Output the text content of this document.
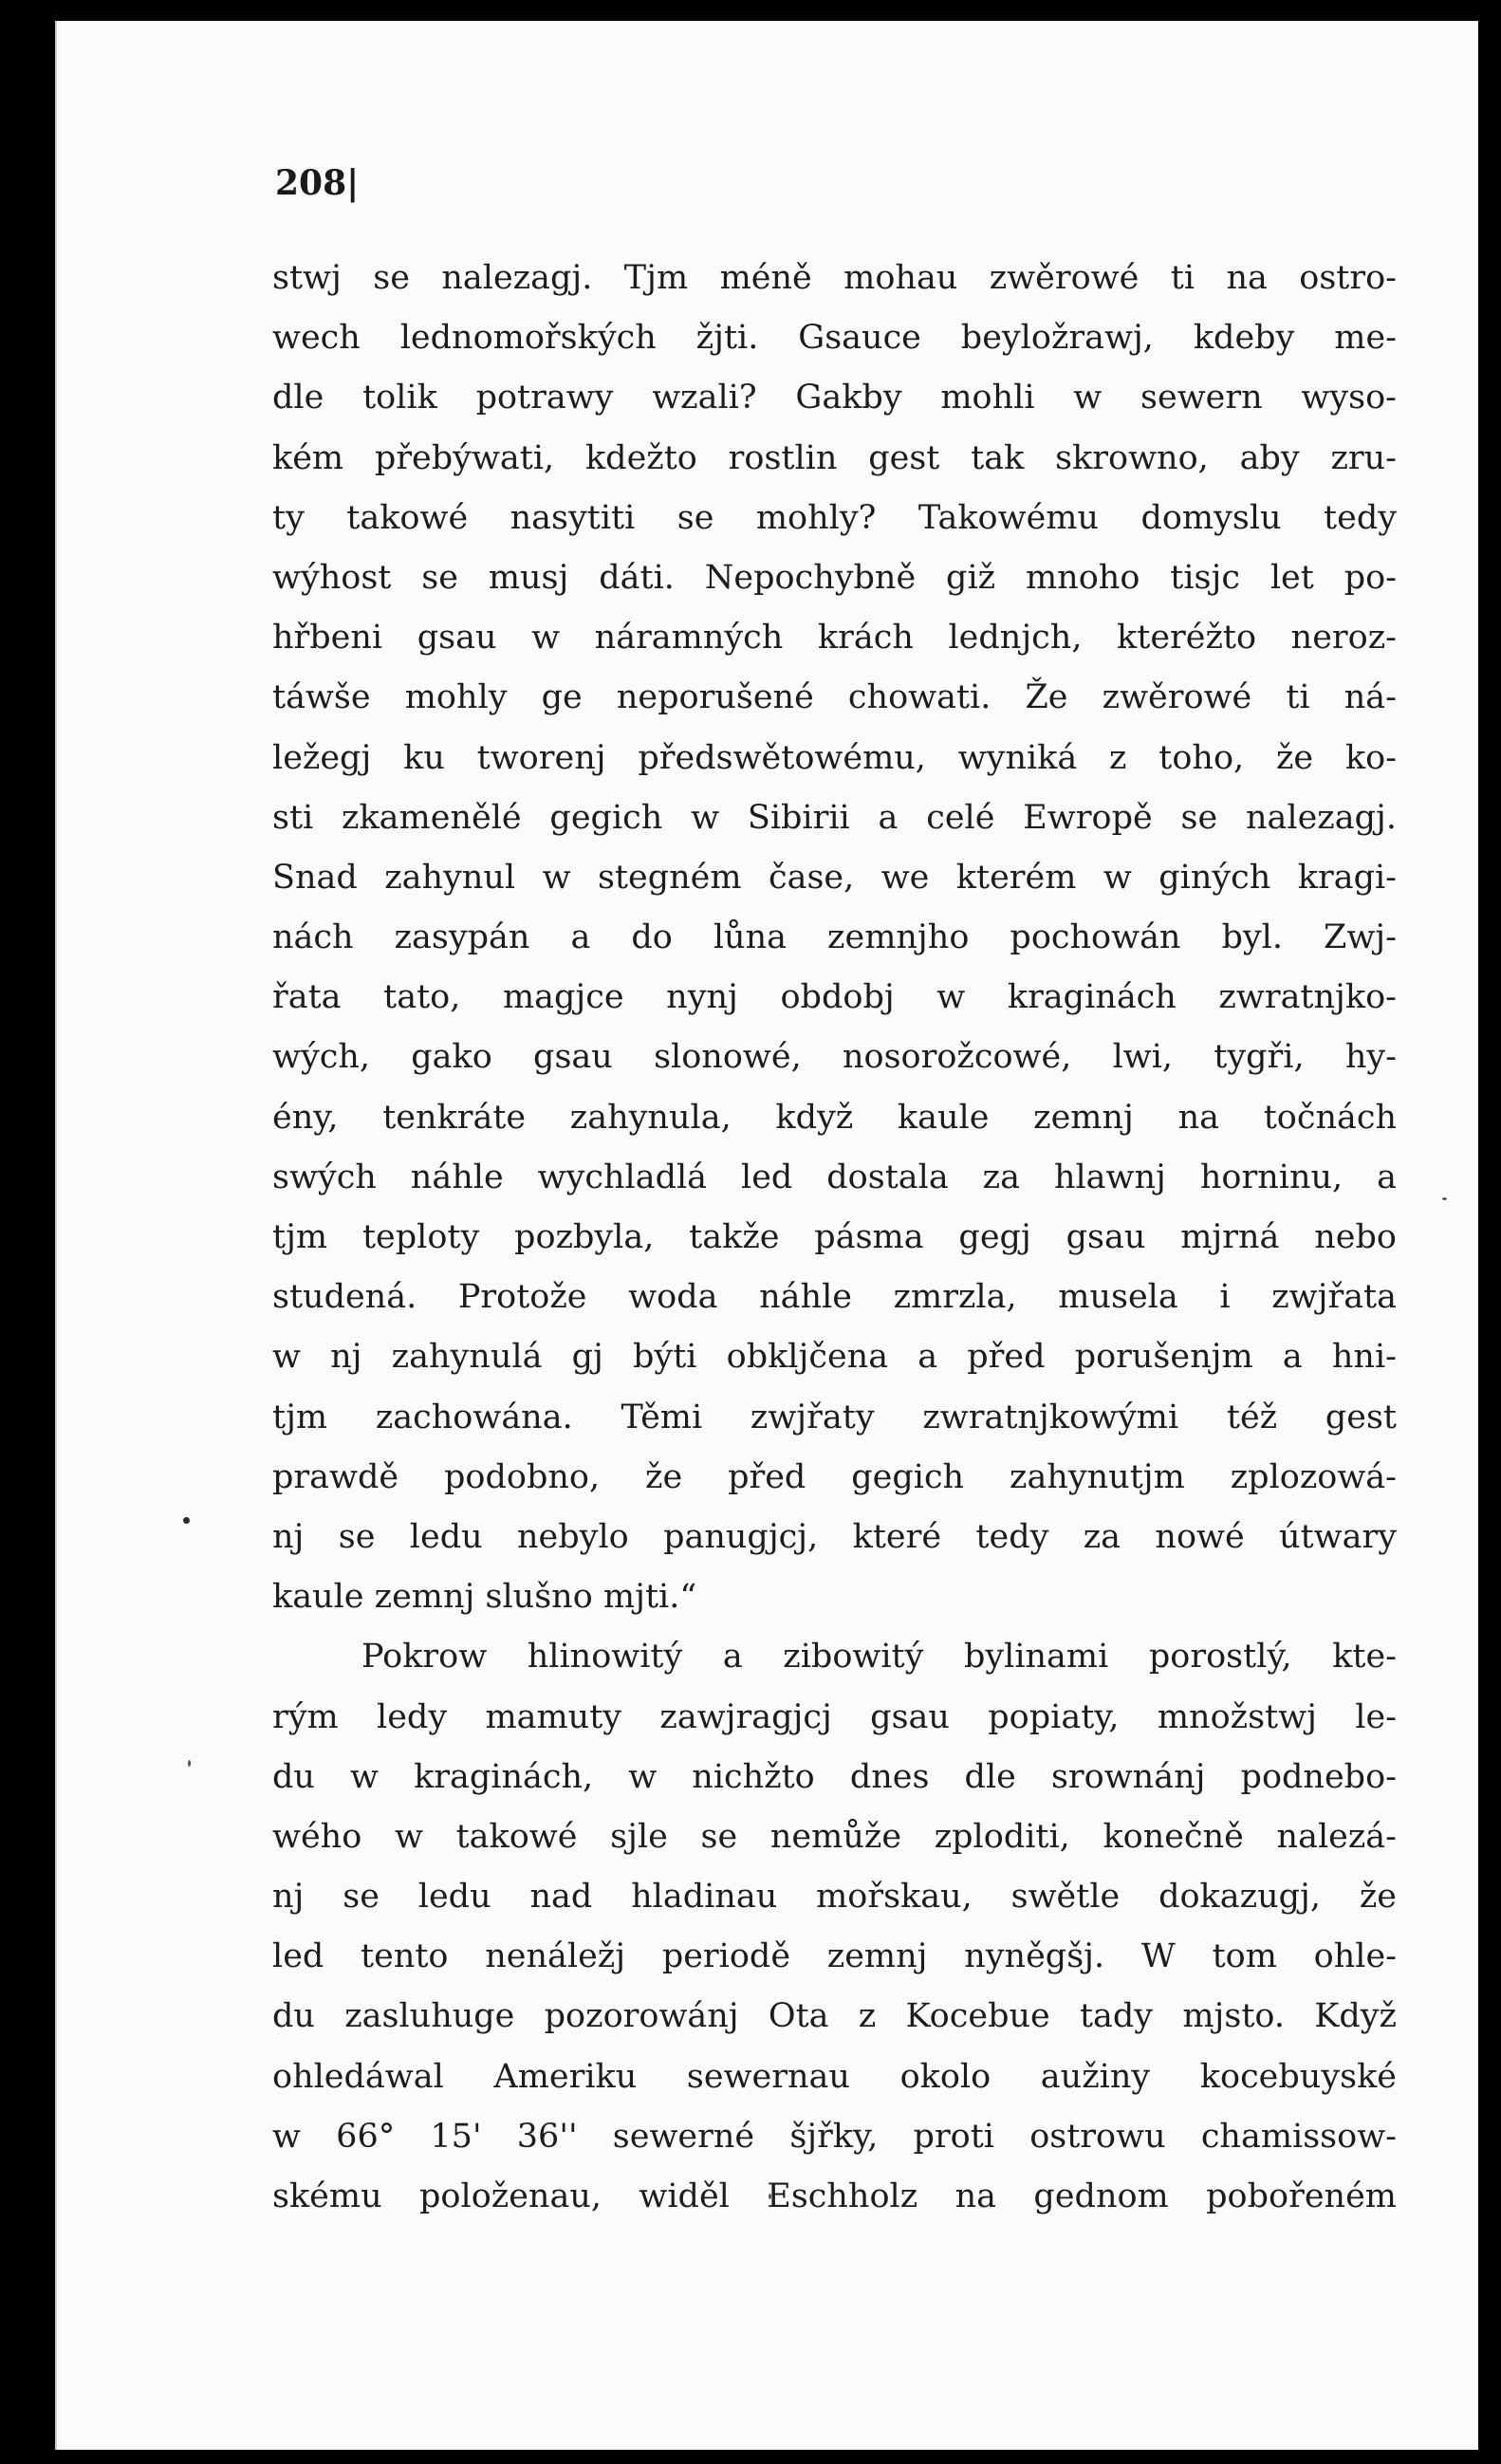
208|
stwj se nalezagj. Tjm méně mohau zwěrowé ti na ostro-
wech lednomořských žjti. Gsauce beyložrawj, kdeby me-
dle tolik potrawy wzali? Gakby mohli w sewern wyso-
kém přebýwati, kdežto rostlin gest tak skrowno, aby zru-
ty takowé nasytiti se mohly? Takowému domyslu tedy
wýhost se musj dáti. Nepochybně giž mnoho tisjc let po-
hřbeni gsau w náramných krách lednjch, kteréžto neroz-
táwše mohly ge neporušené chowati. Že zwěrowé ti ná-
ležegj ku tworenj předswětowému, wyniká z toho, že ko-
sti zkamenělé gegich w Sibirii a celé Ewropě se nalezagj.
Snad zahynul w stegném čase, we kterém w giných kragi-
nách zasypán a do lůna zemnjho pochowán byl. Zwj-
řata tato, magjce nynj obdobj w kraginách zwratnjko-
wých, gako gsau slonowé, nosorožcowé, lwi, tygři, hy-
ény, tenkráte zahynula, když kaule zemnj na točnách
swých náhle wychladlá led dostala za hlawnj horninu, a
tjm teploty pozbyla, takže pásma gegj gsau mjrná nebo
studená. Protože woda náhle zmrzla, musela i zwjřata
w nj zahynulá gj býti obkljčena a před porušenjm a hni-
tjm zachowána. Těmi zwjřaty zwratnjkowými též gest
prawdě podobno, že před gegich zahynutjm zplozowá-
nj se ledu nebylo panugjcj, které tedy za nowé útwary
kaule zemnj slušno mjti.“
Pokrow hlinowitý a zibowitý bylinami porostlý, kte-
rým ledy mamuty zawjragjcj gsau popiaty, množstwj le-
du w kraginách, w nichžto dnes dle srownánj podnebo-
wého w takowé sjle se nemůže zploditi, konečně nalezá-
nj se ledu nad hladinau mořskau, swětle dokazugj, že
led tento nenáležj periodě zemnj nyněgšj. W tom ohle-
du zasluhuge pozorowánj Ota z Kocebue tady mjsto. Když
ohledáwal Ameriku sewernau okolo aužiny kocebuyské
w 66° 15' 36'' sewerné šjřky, proti ostrowu chamissow-
skému položenau, widěl Eschholz na gednom pobořeném
